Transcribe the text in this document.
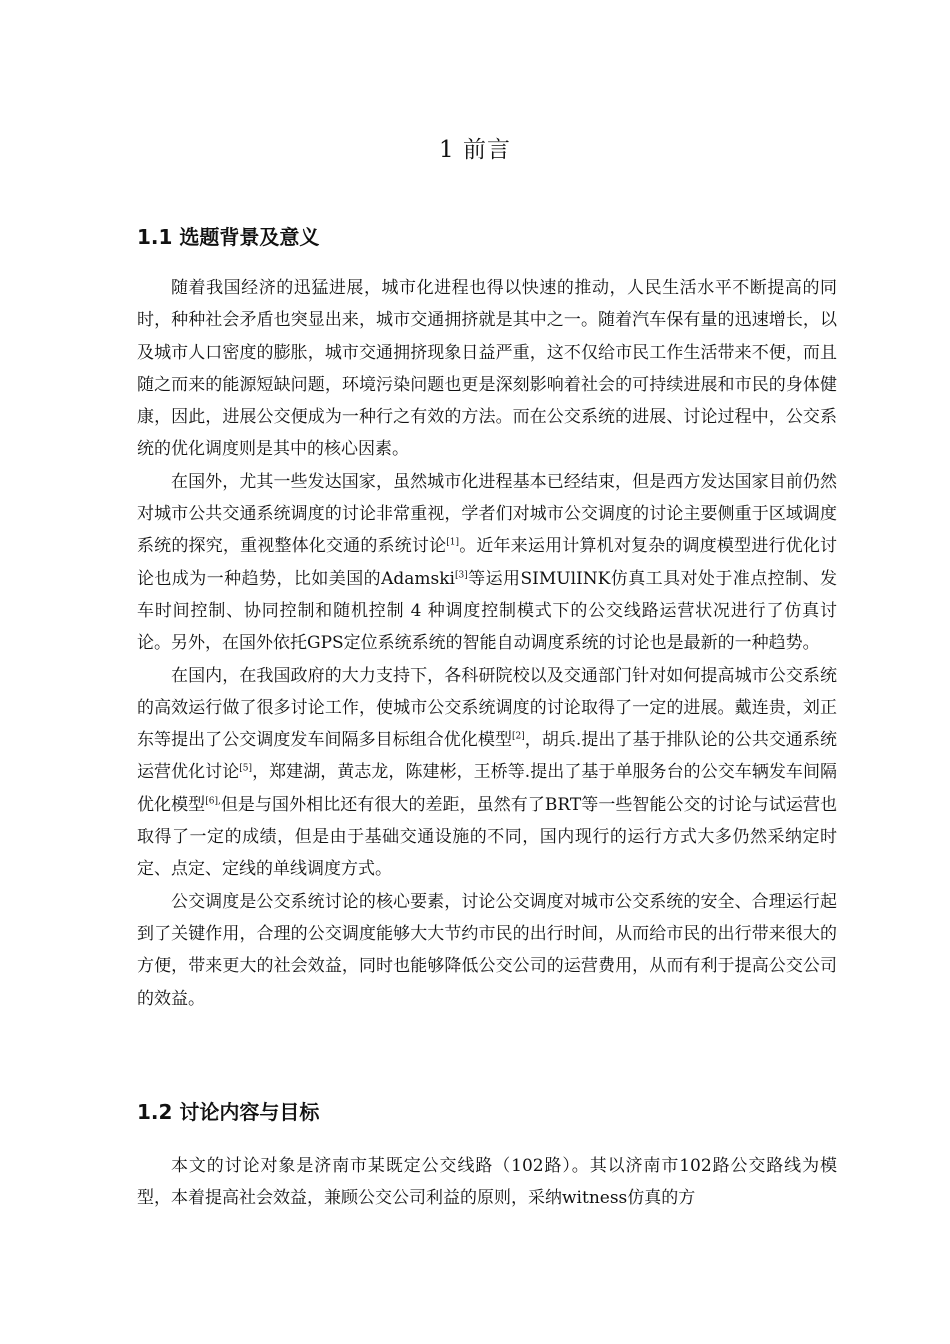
1 前言
1.1 选题背景及意义

随着我国经济的迅猛进展，城市化进程也得以快速的推动，人民生活水平不断提高的同时，种种社会矛盾也突显出来，城市交通拥挤就是其中之一。随着汽车保有量的迅速增长，以及城市人口密度的膨胀，城市交通拥挤现象日益严重，这不仅给市民工作生活带来不便，而且随之而来的能源短缺问题，环境污染问题也更是深刻影响着社会的可持续进展和市民的身体健康，因此，进展公交便成为一种行之有效的方法。而在公交系统的进展、讨论过程中，公交系统的优化调度则是其中的核心因素。

在国外，尤其一些发达国家，虽然城市化进程基本已经结束，但是西方发达国家目前仍然对城市公共交通系统调度的讨论非常重视，学者们对城市公交调度的讨论主要侧重于区域调度系统的探究，重视整体化交通的系统讨论[1]。近年来运用计算机对复杂的调度模型进行优化讨论也成为一种趋势，比如美国的Adamski[3]等运用SIMUlINK仿真工具对处于准点控制、发车时间控制、协同控制和随机控制 4 种调度控制模式下的公交线路运营状况进行了仿真讨论。另外，在国外依托GPS定位系统系统的智能自动调度系统的讨论也是最新的一种趋势。

在国内，在我国政府的大力支持下，各科研院校以及交通部门针对如何提高城市公交系统的高效运行做了很多讨论工作，使城市公交系统调度的讨论取得了一定的进展。戴连贵，刘正东等提出了公交调度发车间隔多目标组合优化模型[2]，胡兵.提出了基于排队论的公共交通系统运营优化讨论[5]，郑建湖，黄志龙，陈建彬，王桥等.提出了基于单服务台的公交车辆发车间隔优化模型$^{[6],}$但是与国外相比还有很大的差距，虽然有了BRT等一些智能公交的讨论与试运营也取得了一定的成绩，但是由于基础交通设施的不同，国内现行的运行方式大多仍然采纳定时定、点定、定线的单线调度方式。

公交调度是公交系统讨论的核心要素，讨论公交调度对城市公交系统的安全、合理运行起到了关键作用，合理的公交调度能够大大节约市民的出行时间，从而给市民的出行带来很大的方便，带来更大的社会效益，同时也能够降低公交公司的运营费用，从而有利于提高公交公司的效益。

1.2 讨论内容与目标

本文的讨论对象是济南市某既定公交线路（102路）。其以济南市102路公交路线为模型，本着提高社会效益，兼顾公交公司利益的原则，采纳witness仿真的方
